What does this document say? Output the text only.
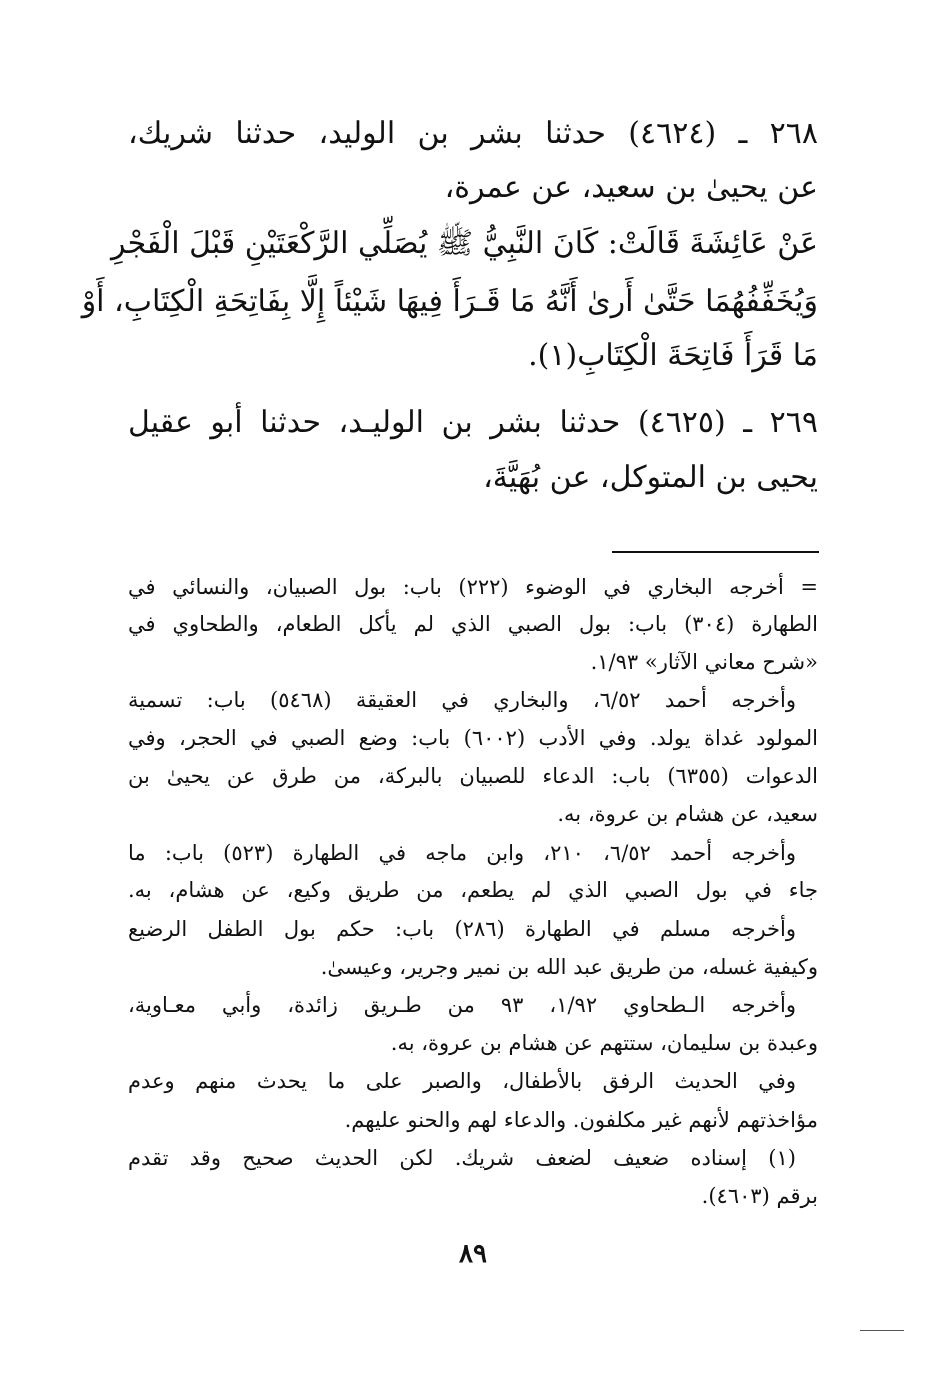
٢٦٨ ـ (٤٦٢٤) حدثنا بشر بن الوليد، حدثنا شريك،
عن يحيىٰ بن سعيد، عن عمرة،
عَنْ عَائِشَةَ قَالَتْ: كَانَ النَّبِيُّ ﷺ يُصَلِّي الرَّكْعَتَيْنِ قَبْلَ الْفَجْرِ
وَيُخَفِّفُهُمَا حَتَّىٰ أَرىٰ أَنَّهُ مَا قَـرَأَ فِيهَا شَيْئاً إِلَّا بِفَاتِحَةِ الْكِتَابِ، أَوْ
مَا قَرَأَ فَاتِحَةَ الْكِتَابِ(١).
٢٦٩ ـ (٤٦٢٥) حدثنا بشر بن الوليـد، حدثنا أبو عقيل
يحيى بن المتوكل، عن بُهَيَّةَ،
= أخرجه البخاري في الوضوء (٢٢٢) باب: بول الصبيان، والنسائي في
الطهارة (٣٠٤) باب: بول الصبي الذي لم يأكل الطعام، والطحاوي في
«شرح معاني الآثار» ١/٩٣.
وأخرجه أحمد ٦/٥٢، والبخاري في العقيقة (٥٤٦٨) باب: تسمية
المولود غداة يولد. وفي الأدب (٦٠٠٢) باب: وضع الصبي في الحجر، وفي
الدعوات (٦٣٥٥) باب: الدعاء للصبيان بالبركة، من طرق عن يحيىٰ بن
سعيد، عن هشام بن عروة، به.
وأخرجه أحمد ٦/٥٢، ٢١٠، وابن ماجه في الطهارة (٥٢٣) باب: ما
جاء في بول الصبي الذي لم يطعم، من طريق وكيع، عن هشام، به.
وأخرجه مسلم في الطهارة (٢٨٦) باب: حكم بول الطفل الرضيع
وكيفية غسله، من طريق عبد الله بن نمير وجرير، وعيسىٰ.
وأخرجه الـطحاوي ١/٩٢، ٩٣ من طـريق زائدة، وأبي معـاوية،
وعبدة بن سليمان، ستتهم عن هشام بن عروة، به.
وفي الحديث الرفق بالأطفال، والصبر على ما يحدث منهم وعدم
مؤاخذتهم لأنهم غير مكلفون. والدعاء لهم والحنو عليهم.
(١) إسناده ضعيف لضعف شريك. لكن الحديث صحيح وقد تقدم
برقم (٤٦٠٣).
٨٩
